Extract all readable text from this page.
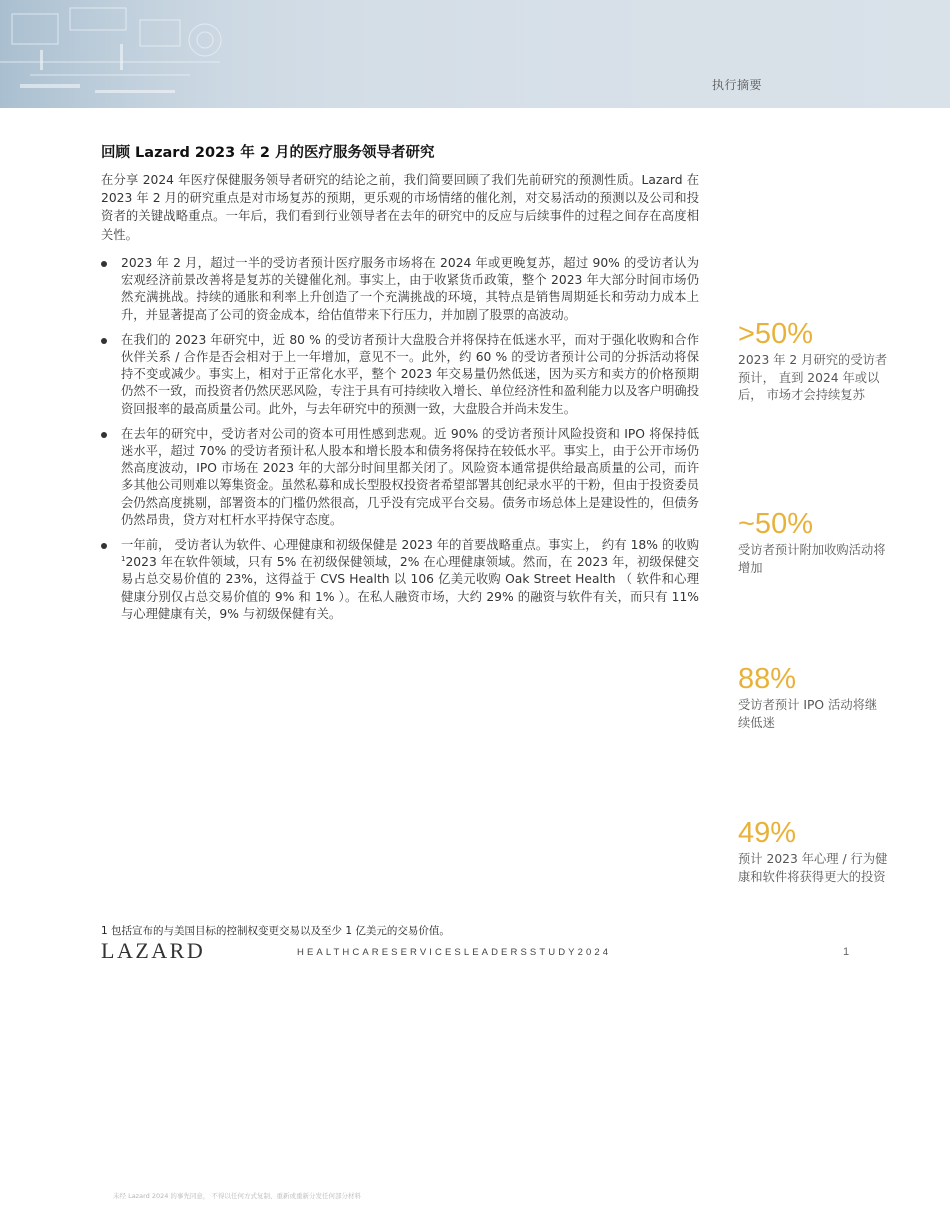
执行摘要
回顾 Lazard 2023 年 2 月的医疗服务领导者研究

在分享 2024 年医疗保健服务领导者研究的结论之前，我们简要回顾了我们先前研究的预测性质。Lazard 在 2023 年 2 月的研究重点是对市场复苏的预期，更乐观的市场情绪的催化剂，对交易活动的预测以及公司和投资者的关键战略重点。一年后，我们看到行业领导者在去年的研究中的反应与后续事件的过程之间存在高度相关性。

2023 年 2 月，超过一半的受访者预计医疗服务市场将在 2024 年或更晚复苏，超过 90% 的受访者认为宏观经济前景改善将是复苏的关键催化剂。事实上，由于收紧货币政策，整个 2023 年大部分时间市场仍然充满挑战。持续的通胀和利率上升创造了一个充满挑战的环境，其特点是销售周期延长和劳动力成本上升，并显著提高了公司的资金成本，给估值带来下行压力，并加剧了股票的高波动。
在我们的 2023 年研究中，近 80 % 的受访者预计大盘股合并将保持在低迷水平，而对于强化收购和合作伙伴关系 / 合作是否会相对于上一年增加，意见不一。此外，约 60 % 的受访者预计公司的分拆活动将保持不变或减少。事实上，相对于正常化水平，整个 2023 年交易量仍然低迷，因为买方和卖方的价格预期仍然不一致，而投资者仍然厌恶风险，专注于具有可持续收入增长、单位经济性和盈利能力以及客户明确投资回报率的最高质量公司。此外，与去年研究中的预测一致，大盘股合并尚未发生。
在去年的研究中，受访者对公司的资本可用性感到悲观。近 90% 的受访者预计风险投资和 IPO 将保持低迷水平，超过 70% 的受访者预计私人股本和增长股本和债务将保持在较低水平。事实上，由于公开市场仍然高度波动，IPO 市场在 2023 年的大部分时间里都关闭了。风险资本通常提供给最高质量的公司，而许多其他公司则难以筹集资金。虽然私募和成长型股权投资者希望部署其创纪录水平的干粉，但由于投资委员会仍然高度挑剔，部署资本的门槛仍然很高，几乎没有完成平台交易。债务市场总体上是建设性的，但债务仍然昂贵，贷方对杠杆水平持保守态度。
一年前， 受访者认为软件、心理健康和初级保健是 2023 年的首要战略重点。事实上， 约有 18% 的收购$^1$2023 年在软件领域，只有 5% 在初级保健领域，2% 在心理健康领域。然而，在 2023 年，初级保健交易占总交易价值的 23%，这得益于 CVS Health 以 106 亿美元收购 Oak Street Health （ 软件和心理健康分别仅占总交易价值的 9% 和 1% ）。在私人融资市场，大约 29% 的融资与软件有关，而只有 11% 与心理健康有关，9% 与初级保健有关。
>50%
2023 年 2 月研究的受访者预计， 直到 2024 年或以后， 市场才会持续复苏
~50%
受访者预计附加收购活动将增加
88%
受访者预计 IPO 活动将继续低迷
49%
预计 2023 年心理 / 行为健康和软件将获得更大的投资
1 包括宣布的与美国目标的控制权变更交易以及至少 1 亿美元的交易价值。
LAZARD	HEALTHCARESERVICESLEADERSSTUDY2024	1
未经 Lazard 2024 的事先同意， 不得以任何方式复制、重新或重新分发任何部分材料
